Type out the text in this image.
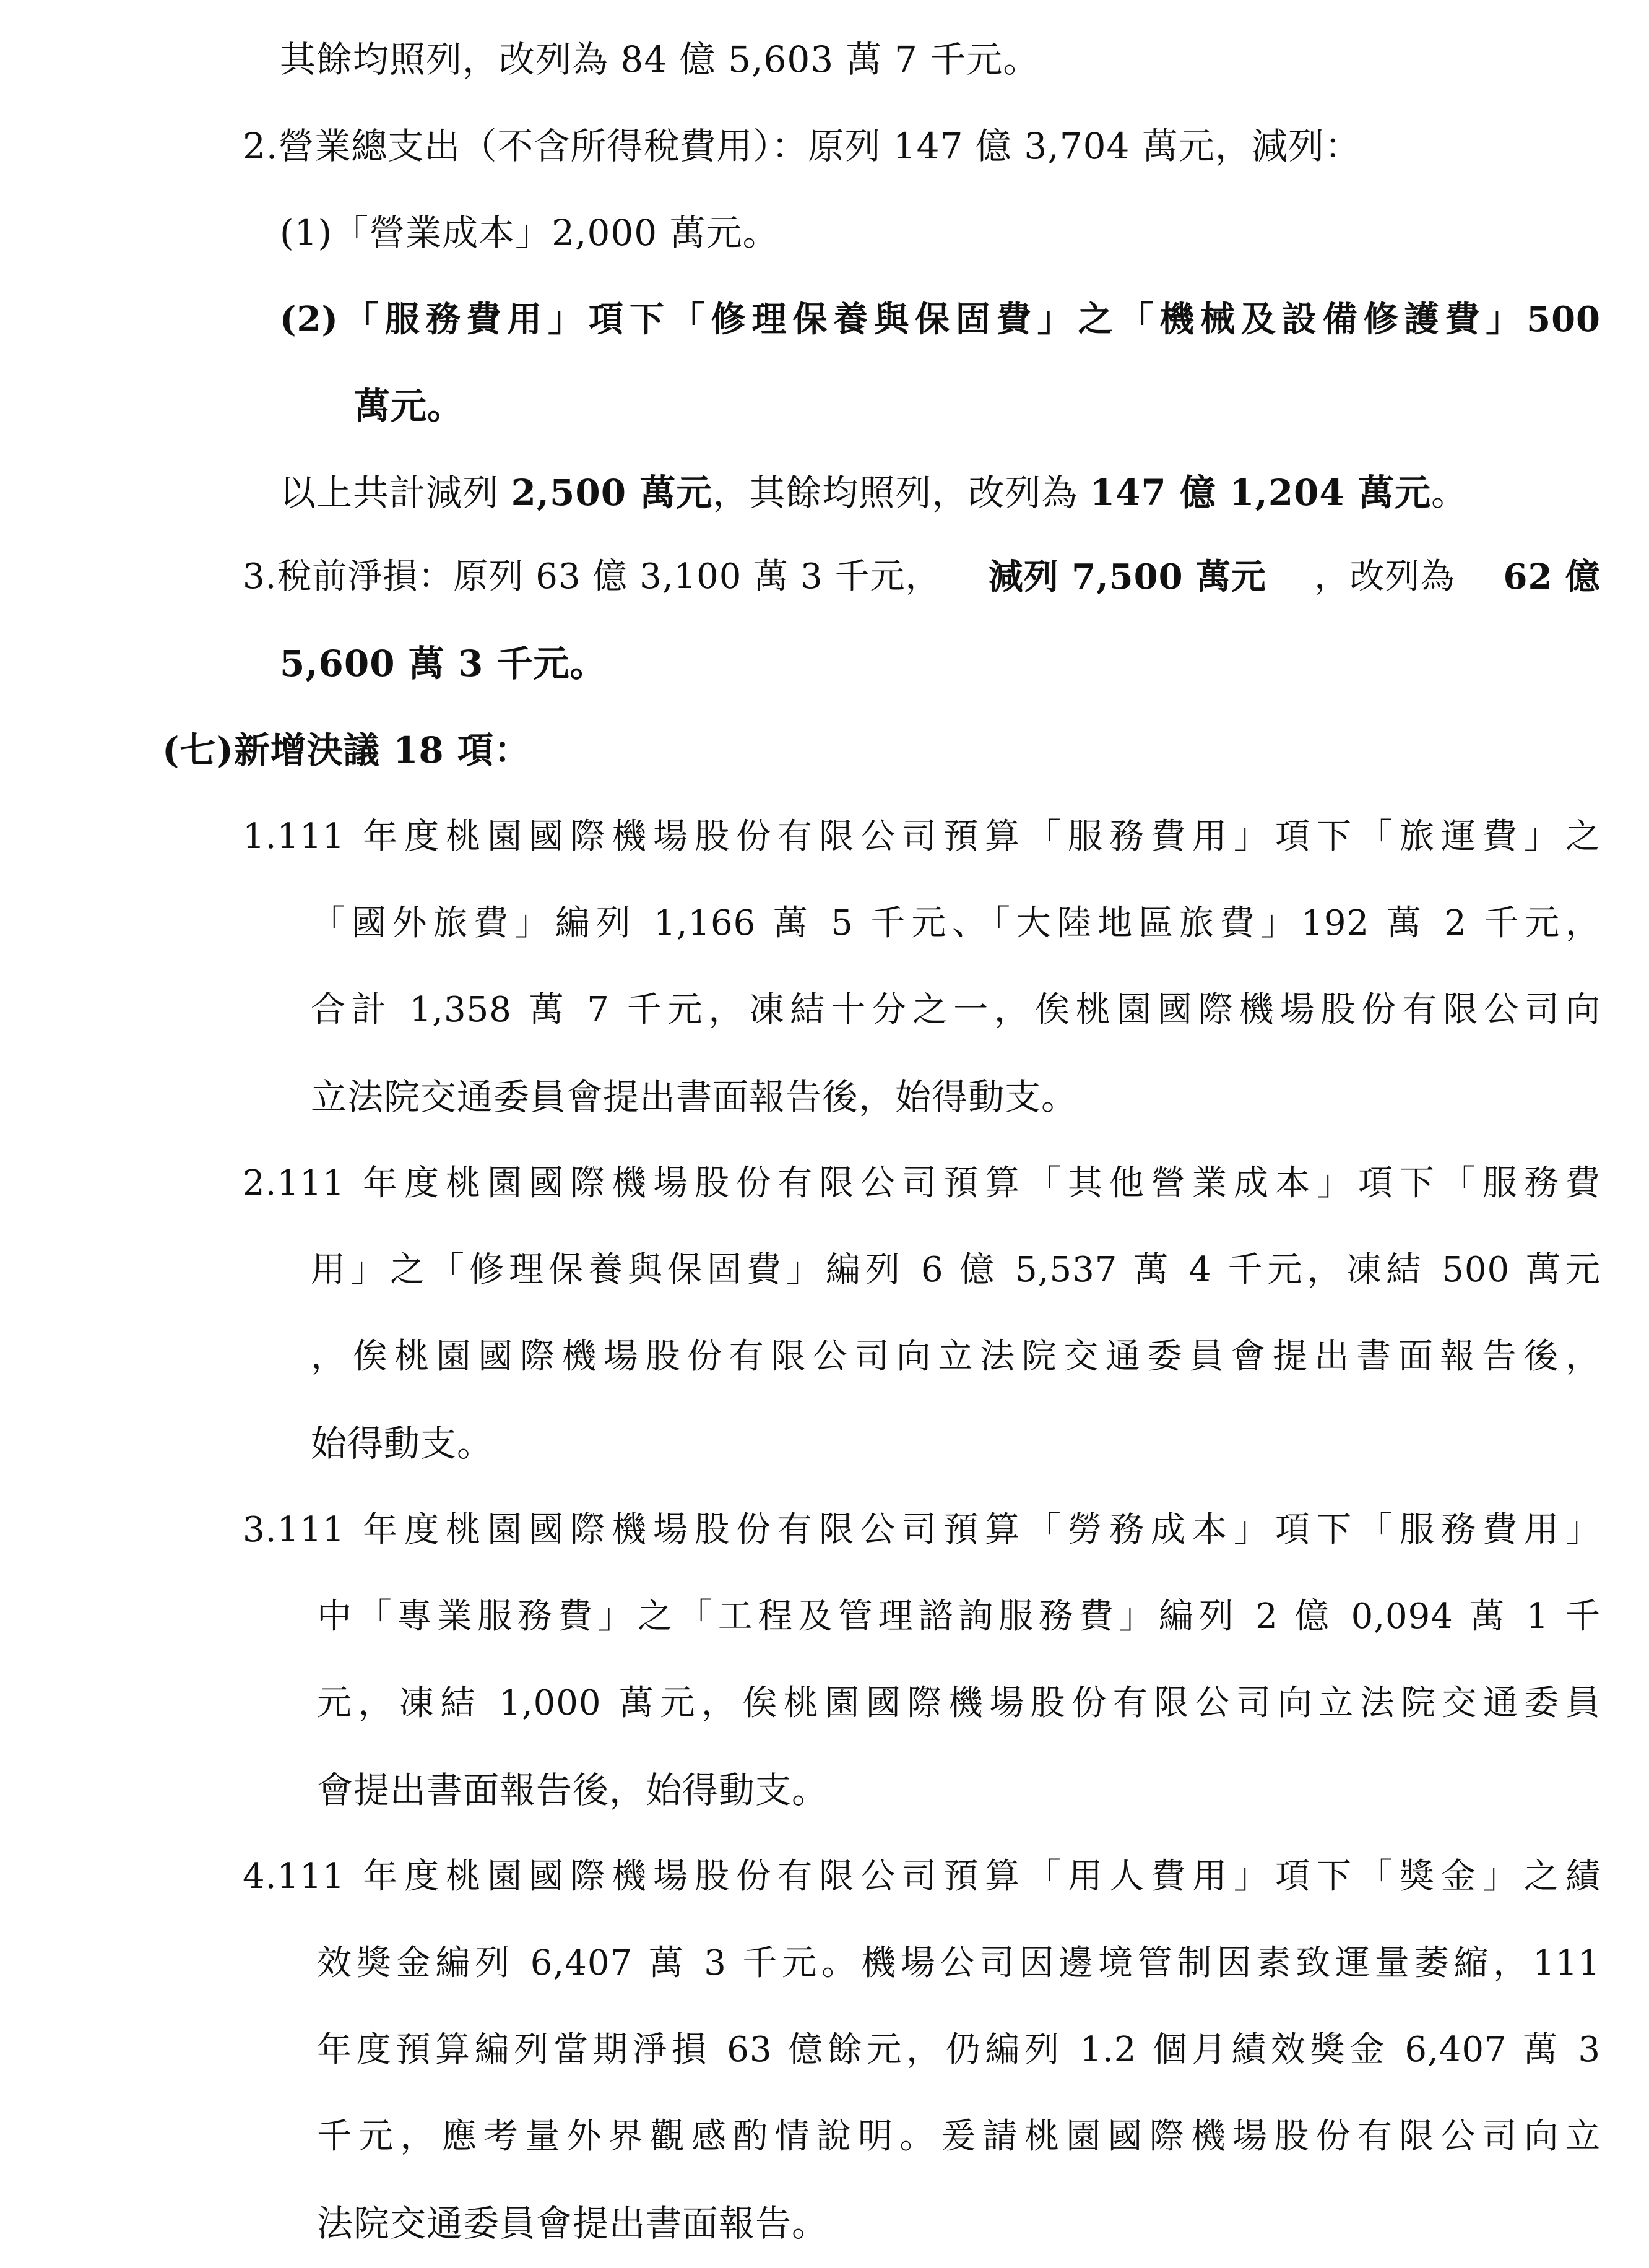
其餘均照列，改列為 84 億 5,603 萬 7 千元。
2.營業總支出（不含所得稅費用）：原列 147 億 3,704 萬元，減列：
(1)「營業成本」2,000 萬元。
(2)「服務費用」項下「修理保養與保固費」之「機械及設備修護費」500
萬元。
以上共計減列 2,500 萬元，其餘均照列，改列為 147 億 1,204 萬元。
3.稅前淨損：原列 63 億 3,100 萬 3 千元， 減列 7,500 萬元 ，改列為 62 億
5,600 萬 3 千元。
(七)新增決議 18 項：
1.111 年度桃園國際機場股份有限公司預算「服務費用」項下「旅運費」之
「國外旅費」編列 1,166 萬 5 千元、「大陸地區旅費」192 萬 2 千元，
合計 1,358 萬 7 千元，凍結十分之一，俟桃園國際機場股份有限公司向
立法院交通委員會提出書面報告後，始得動支。
2.111 年度桃園國際機場股份有限公司預算「其他營業成本」項下「服務費
用」之「修理保養與保固費」編列 6 億 5,537 萬 4 千元，凍結 500 萬元
，俟桃園國際機場股份有限公司向立法院交通委員會提出書面報告後，
始得動支。
3.111 年度桃園國際機場股份有限公司預算「勞務成本」項下「服務費用」
中「專業服務費」之「工程及管理諮詢服務費」編列 2 億 0,094 萬 1 千
元，凍結 1,000 萬元，俟桃園國際機場股份有限公司向立法院交通委員
會提出書面報告後，始得動支。
4.111 年度桃園國際機場股份有限公司預算「用人費用」項下「獎金」之績
效獎金編列 6,407 萬 3 千元。機場公司因邊境管制因素致運量萎縮，111
年度預算編列當期淨損 63 億餘元，仍編列 1.2 個月績效獎金 6,407 萬 3
千元，應考量外界觀感酌情說明。爰請桃園國際機場股份有限公司向立
法院交通委員會提出書面報告。
